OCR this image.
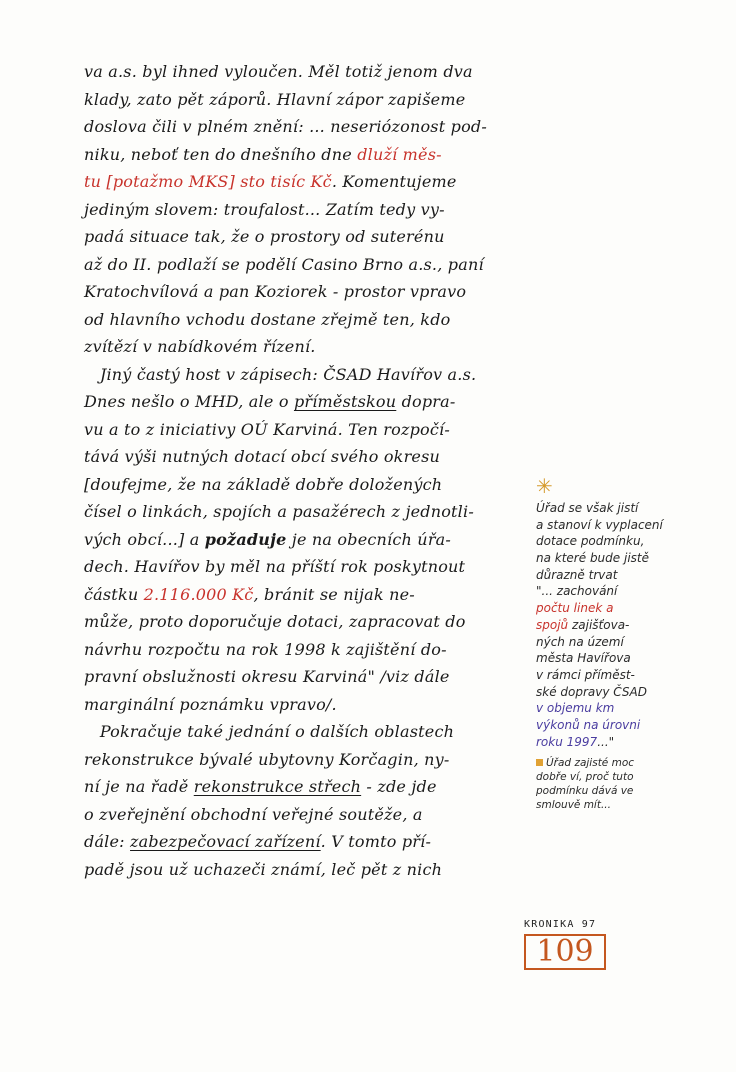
va a.s. byl ihned vyloučen. Měl totiž jenom dva
klady, zato pět záporů. Hlavní zápor zapišeme
doslova čili v plném znění: ... neseriózonost pod-
niku, neboť ten do dnešního dne dluží měs-
tu [potažmo MKS] sto tisíc Kč. Komentujeme
jediným slovem: troufalost... Zatím tedy vy-
padá situace tak, že o prostory od suterénu
až do II. podlaží se podělí Casino Brno a.s., paní
Kratochvílová a pan Koziorek - prostor vpravo
od hlavního vchodu dostane zřejmě ten, kdo
zvítězí v nabídkovém řízení.
Jiný častý host v zápisech: ČSAD Havířov a.s.
Dnes nešlo o MHD, ale o příměstskou dopra-
vu a to z iniciativy OÚ Karviná. Ten rozpočí-
tává výši nutných dotací obcí svého okresu
[doufejme, že na základě dobře doložených
čísel o linkách, spojích a pasažérech z jednotli-
vých obcí...] a požaduje je na obecních úřa-
dech. Havířov by měl na příští rok poskytnout
částku 2.116.000 Kč, bránit se nijak ne-
může, proto doporučuje dotaci, zapracovat do
návrhu rozpočtu na rok 1998 k zajištění do-
pravní obslužnosti okresu Karviná" /viz dále
marginální poznámku vpravo/.
Pokračuje také jednání o dalších oblastech
rekonstrukce bývalé ubytovny Korčagin, ny-
ní je na řadě rekonstrukce střech - zde jde
o zveřejnění obchodní veřejné soutěže, a
dále: zabezpečovací zařízení. V tomto pří-
padě jsou už uchazeči známí, leč pět z nich
✳
Úřad se však jistí
a stanoví k vyplacení
dotace podmínku,
na které bude jistě
důrazně trvat
"... zachování
počtu linek a
spojů zajišťova-
ných na území
města Havířova
v rámci příměst-
ské dopravy ČSAD
v objemu km
výkonů na úrovni
roku 1997..."
Úřad zajisté moc
dobře ví, proč tuto
podmínku dává ve
smlouvě mít...
KRONIKA 97
109
